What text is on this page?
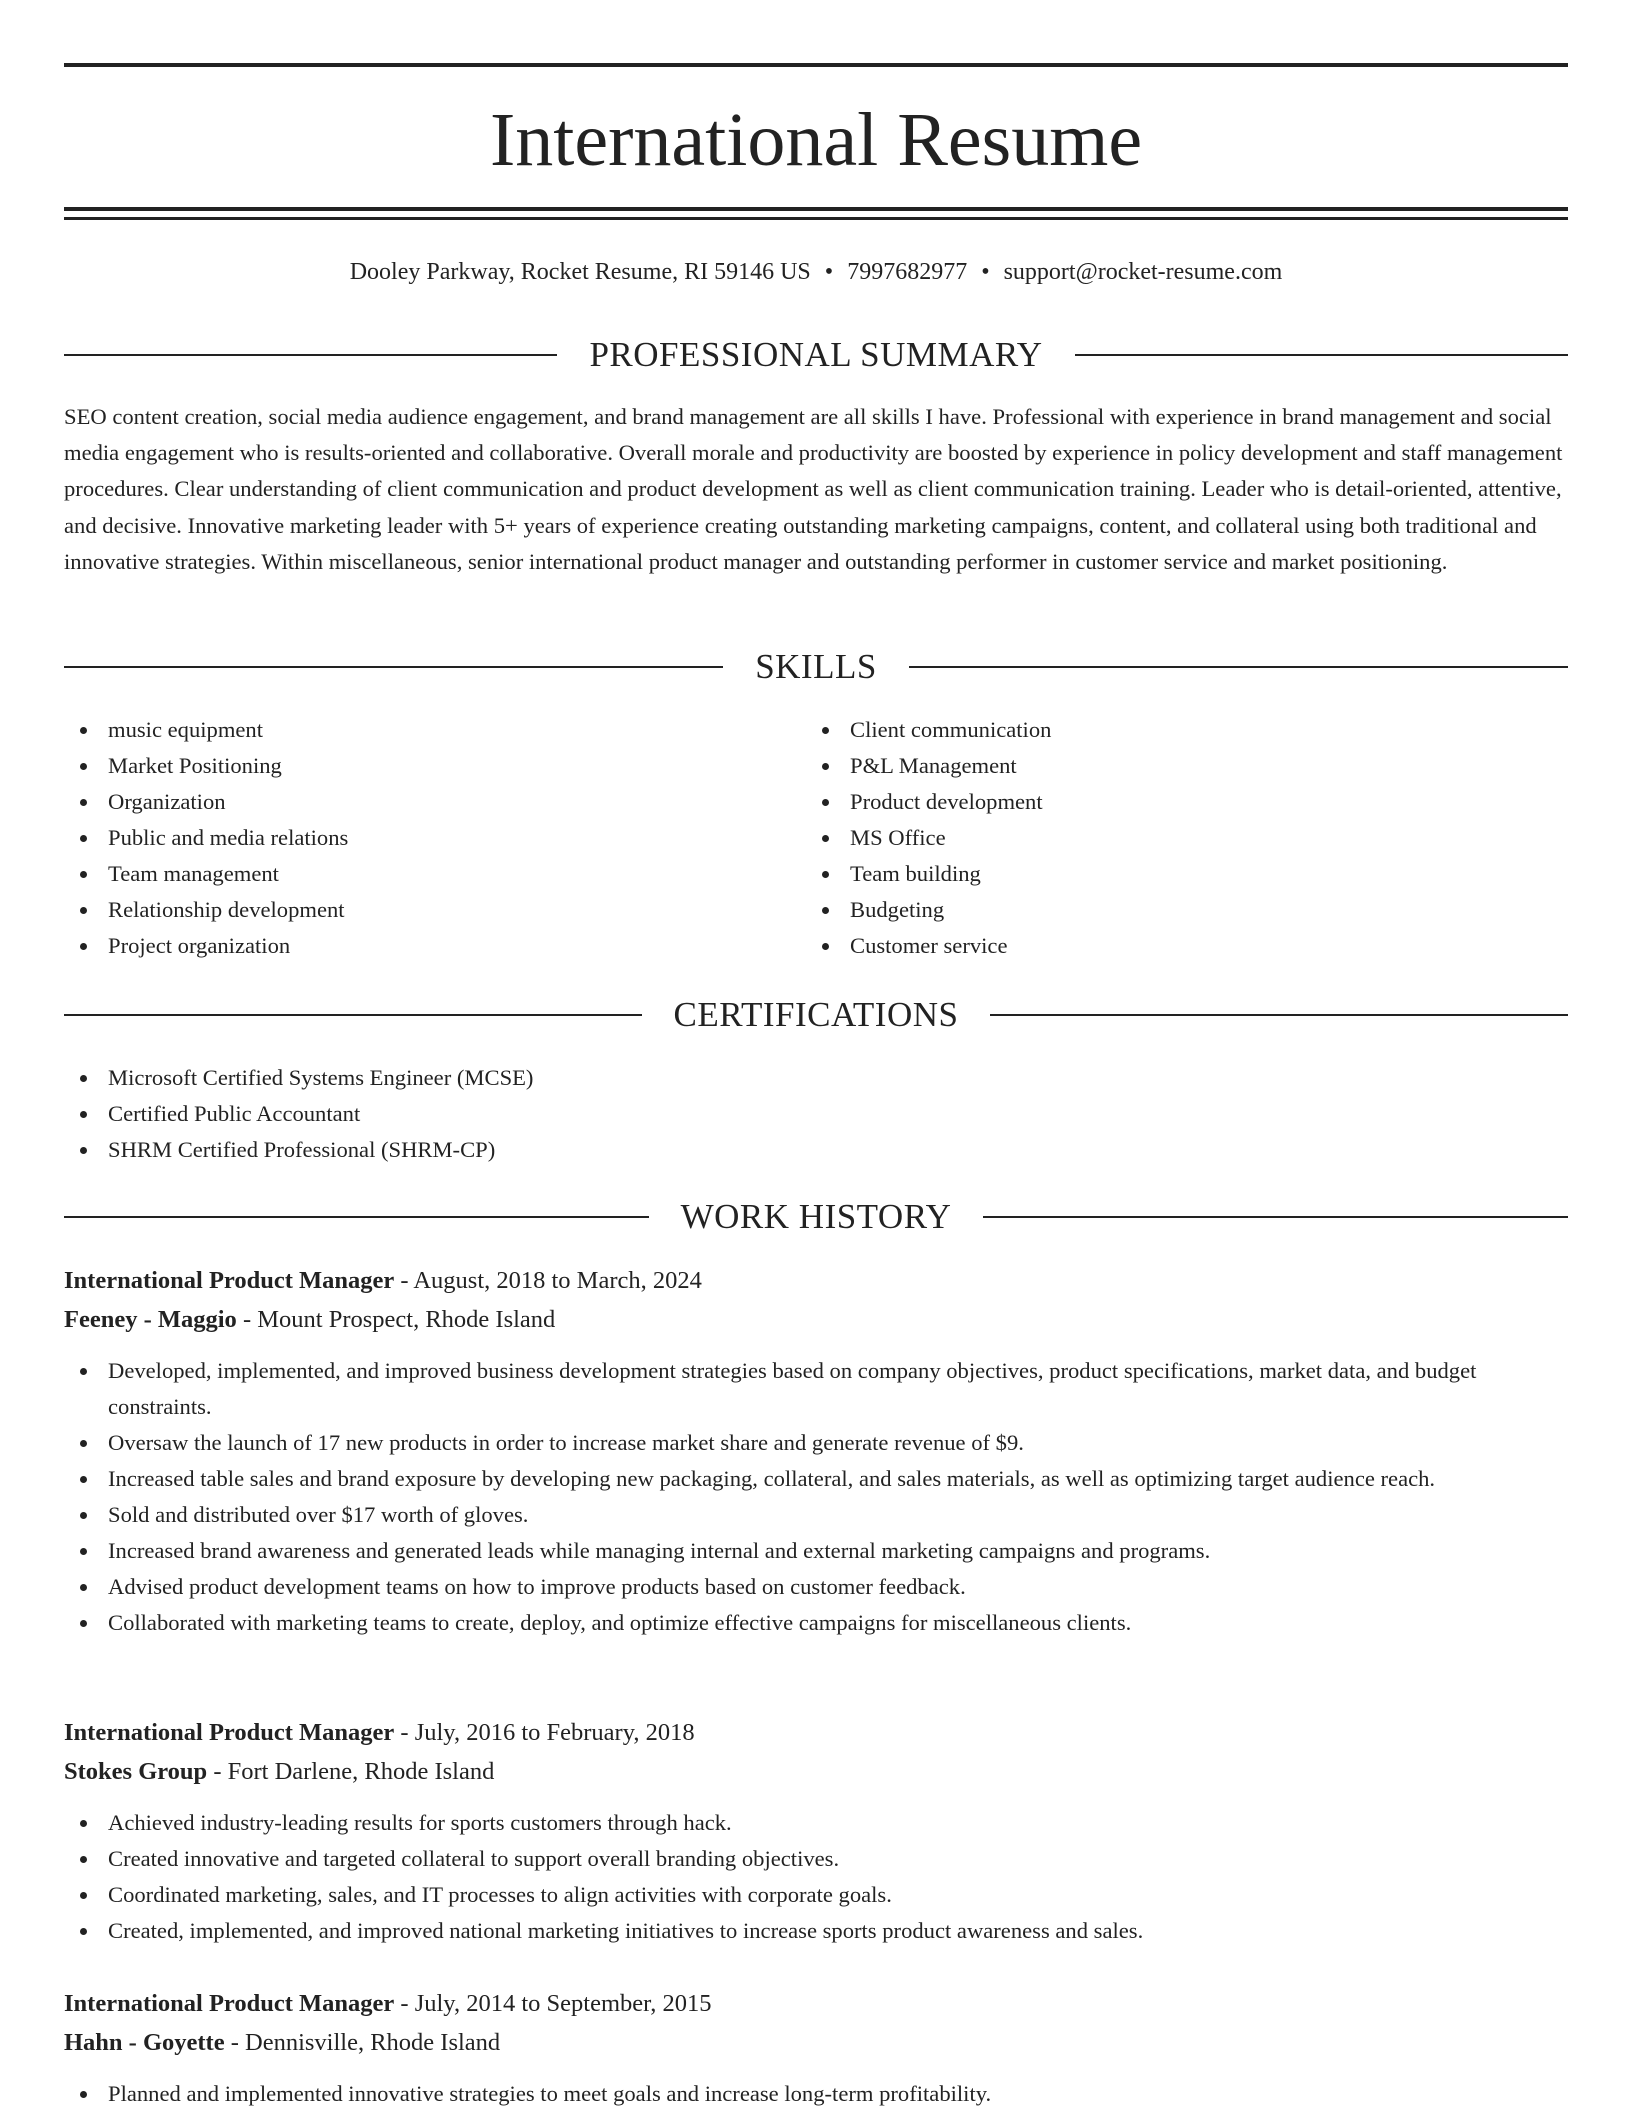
International Resume
Dooley Parkway, Rocket Resume, RI 59146 US • 7997682977 • support@rocket-resume.com
PROFESSIONAL SUMMARY

SEO content creation, social media audience engagement, and brand management are all skills I have. Professional with experience in brand management and social media engagement who is results-oriented and collaborative. Overall morale and productivity are boosted by experience in policy development and staff management procedures. Clear understanding of client communication and product development as well as client communication training. Leader who is detail-oriented, attentive, and decisive. Innovative marketing leader with 5+ years of experience creating outstanding marketing campaigns, content, and collateral using both traditional and innovative strategies. Within miscellaneous, senior international product manager and outstanding performer in customer service and market positioning.

SKILLS
music equipment
Market Positioning
Organization
Public and media relations
Team management
Relationship development
Project organization
Client communication
P&L Management
Product development
MS Office
Team building
Budgeting
Customer service
CERTIFICATIONS
Microsoft Certified Systems Engineer (MCSE)
Certified Public Accountant
SHRM Certified Professional (SHRM-CP)
WORK HISTORY
International Product Manager - August, 2018 to March, 2024
Feeney - Maggio - Mount Prospect, Rhode Island
Developed, implemented, and improved business development strategies based on company objectives, product specifications, market data, and budget constraints.
Oversaw the launch of 17 new products in order to increase market share and generate revenue of $9.
Increased table sales and brand exposure by developing new packaging, collateral, and sales materials, as well as optimizing target audience reach.
Sold and distributed over $17 worth of gloves.
Increased brand awareness and generated leads while managing internal and external marketing campaigns and programs.
Advised product development teams on how to improve products based on customer feedback.
Collaborated with marketing teams to create, deploy, and optimize effective campaigns for miscellaneous clients.
International Product Manager - July, 2016 to February, 2018
Stokes Group - Fort Darlene, Rhode Island
Achieved industry-leading results for sports customers through hack.
Created innovative and targeted collateral to support overall branding objectives.
Coordinated marketing, sales, and IT processes to align activities with corporate goals.
Created, implemented, and improved national marketing initiatives to increase sports product awareness and sales.
International Product Manager - July, 2014 to September, 2015
Hahn - Goyette - Dennisville, Rhode Island
Planned and implemented innovative strategies to meet goals and increase long-term profitability.
